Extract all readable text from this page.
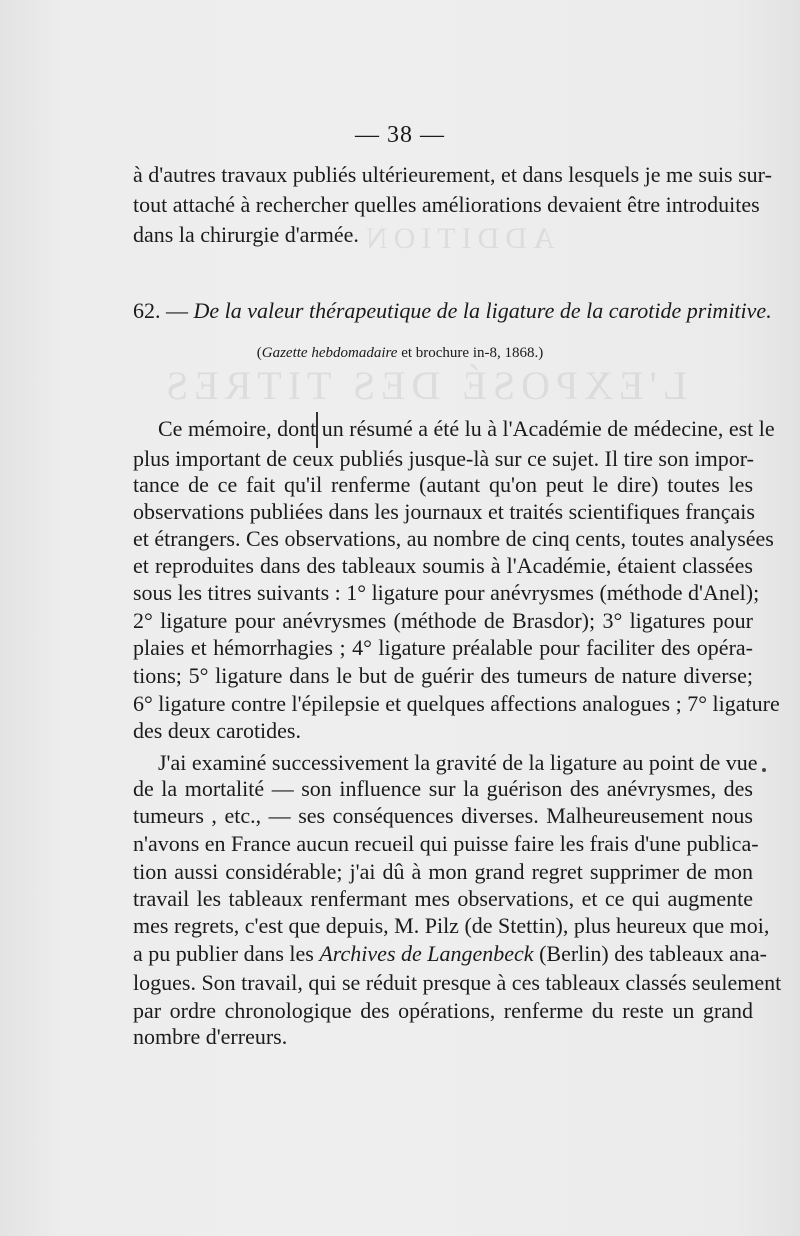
ADDITION
L'EXPOSÉ DES TITRES
— 38 —
à d'autres travaux publiés ultérieurement, et dans lesquels je me suis sur-
tout attaché à rechercher quelles améliorations devaient être introduites
dans la chirurgie d'armée.
62. — De la valeur thérapeutique de la ligature de la carotide primitive.
(Gazette hebdomadaire et brochure in-8, 1868.)
Ce mémoire, dont un résumé a été lu à l'Académie de médecine, est le
plus important de ceux publiés jusque-là sur ce sujet. Il tire son impor-
tance de ce fait qu'il renferme (autant qu'on peut le dire) toutes les
observations publiées dans les journaux et traités scientifiques français
et étrangers. Ces observations, au nombre de cinq cents, toutes analysées
et reproduites dans des tableaux soumis à l'Académie, étaient classées
sous les titres suivants : 1° ligature pour anévrysmes (méthode d'Anel);
2° ligature pour anévrysmes (méthode de Brasdor); 3° ligatures pour
plaies et hémorrhagies ; 4° ligature préalable pour faciliter des opéra-
tions; 5° ligature dans le but de guérir des tumeurs de nature diverse;
6° ligature contre l'épilepsie et quelques affections analogues ; 7° ligature
des deux carotides.
J'ai examiné successivement la gravité de la ligature au point de vue
de la mortalité — son influence sur la guérison des anévrysmes, des
tumeurs , etc., — ses conséquences diverses. Malheureusement nous
n'avons en France aucun recueil qui puisse faire les frais d'une publica-
tion aussi considérable; j'ai dû à mon grand regret supprimer de mon
travail les tableaux renfermant mes observations, et ce qui augmente
mes regrets, c'est que depuis, M. Pilz (de Stettin), plus heureux que moi,
a pu publier dans les Archives de Langenbeck (Berlin) des tableaux ana-
logues. Son travail, qui se réduit presque à ces tableaux classés seulement
par ordre chronologique des opérations, renferme du reste un grand
nombre d'erreurs.
